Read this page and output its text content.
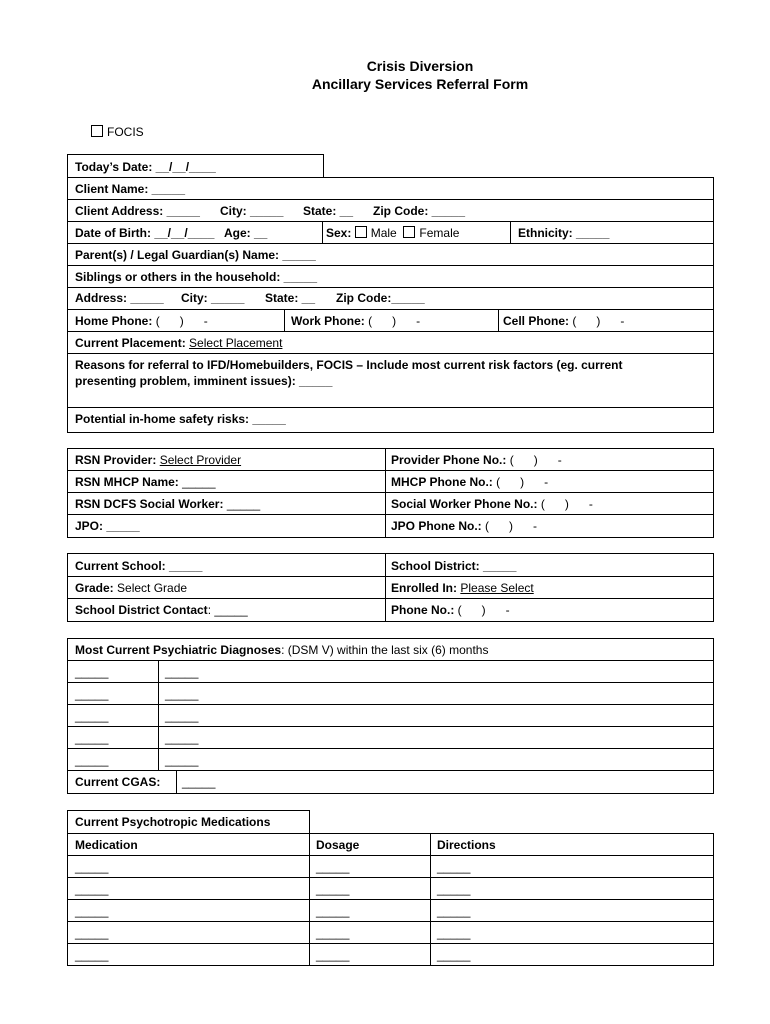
Crisis Diversion
Ancillary Services Referral Form
FOCIS
Today’s Date: __/__/____
Client Name: _____
Client Address: _____ City: _____ State: __ Zip Code: _____
Date of Birth: __/__/____ Age: __	Sex: Male Female	Ethnicity: _____
Parent(s) / Legal Guardian(s) Name: _____
Siblings or others in the household: _____
Address: _____ City: _____ State: __ Zip Code:_____
Home Phone: (      )      -	Work Phone: (      )      -	Cell Phone: (      )      -
Current Placement: Select Placement
Reasons for referral to IFD/Homebuilders, FOCIS – Include most current risk factors (eg. current presenting problem, imminent issues): _____
Potential in-home safety risks: _____
RSN Provider: Select Provider	Provider Phone No.: (      )      -
RSN MHCP Name: _____	MHCP Phone No.: (      )      -
RSN DCFS Social Worker: _____	Social Worker Phone No.: (      )      -
JPO: _____	JPO Phone No.: (      )      -
Current School: _____	School District: _____
Grade: Select Grade	Enrolled In: Please Select
School District Contact: _____	Phone No.: (      )      -
Most Current Psychiatric Diagnoses: (DSM V) within the last six (6) months
_____	_____
_____	_____
_____	_____
_____	_____
_____	_____
Current CGAS: _____
Current Psychotropic Medications
Medication	Dosage	Directions
_____	_____	_____
_____	_____	_____
_____	_____	_____
_____	_____	_____
_____	_____	_____
